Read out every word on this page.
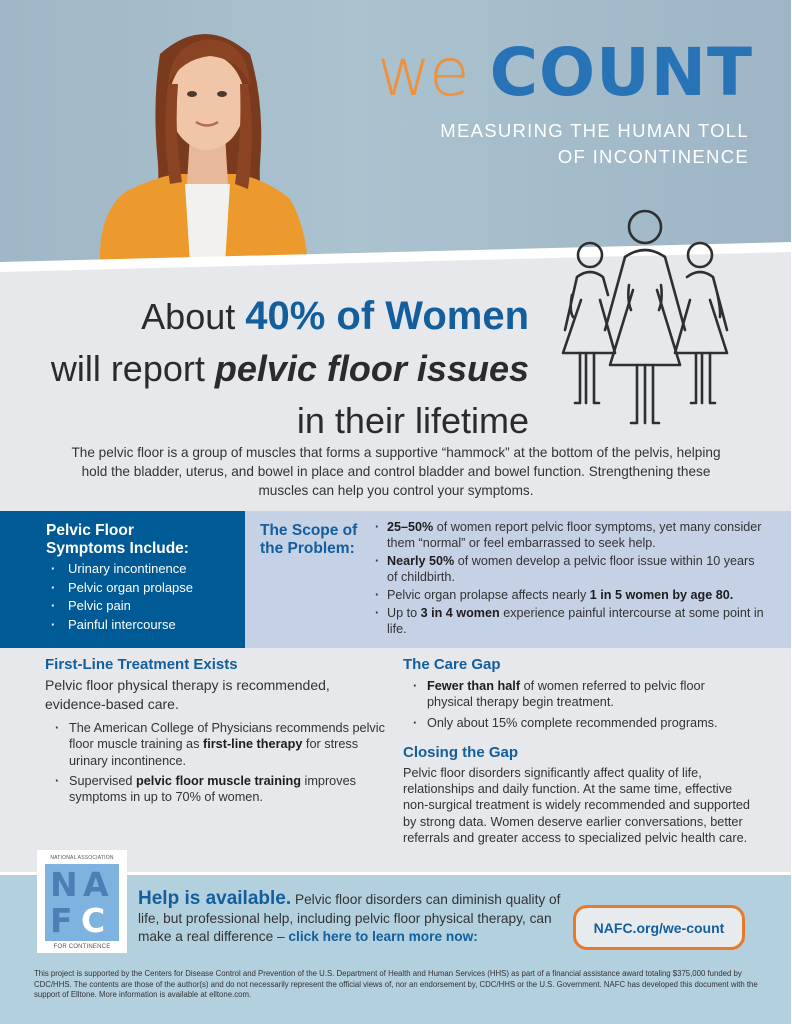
we COUNT
MEASURING THE HUMAN TOLL
OF INCONTINENCE
About 40% of Women
will report pelvic floor issues
in their lifetime
The pelvic floor is a group of muscles that forms a supportive “hammock” at the bottom of the pelvis, helping hold the bladder, uterus, and bowel in place and control bladder and bowel function. Strengthening these muscles can help you control your symptoms.
Pelvic Floor
Symptoms Include:
· Urinary incontinence
· Pelvic organ prolapse
· Pelvic pain
· Painful intercourse
The Scope of
the Problem:
· 25–50% of women report pelvic floor symptoms, yet many consider them “normal” or feel embarrassed to seek help.
· Nearly 50% of women develop a pelvic floor issue within 10 years of childbirth.
· Pelvic organ prolapse affects nearly 1 in 5 women by age 80.
· Up to 3 in 4 women experience painful intercourse at some point in life.
First-Line Treatment Exists
Pelvic floor physical therapy is recommended, evidence-based care.
· The American College of Physicians recommends pelvic floor muscle training as first-line therapy for stress urinary incontinence.
· Supervised pelvic floor muscle training improves symptoms in up to 70% of women.
The Care Gap
· Fewer than half of women referred to pelvic floor physical therapy begin treatment.
· Only about 15% complete recommended programs.
Closing the Gap
Pelvic floor disorders significantly affect quality of life, relationships and daily function. At the same time, effective non-surgical treatment is widely recommended and supported by strong data. Women deserve earlier conversations, better referrals and greater access to specialized pelvic health care.
NATIONAL ASSOCIATION
N A
F C
FOR CONTINENCE
Help is available. Pelvic floor disorders can diminish quality of life, but professional help, including pelvic floor physical therapy, can make a real difference – click here to learn more now:
NAFC.org/we-count
This project is supported by the Centers for Disease Control and Prevention of the U.S. Department of Health and Human Services (HHS) as part of a financial assistance award totaling $375,000 funded by CDC/HHS. The contents are those of the author(s) and do not necessarily represent the official views of, nor an endorsement by, CDC/HHS or the U.S. Government. NAFC has developed this document with the support of Elltone. More information is available at elltone.com.
